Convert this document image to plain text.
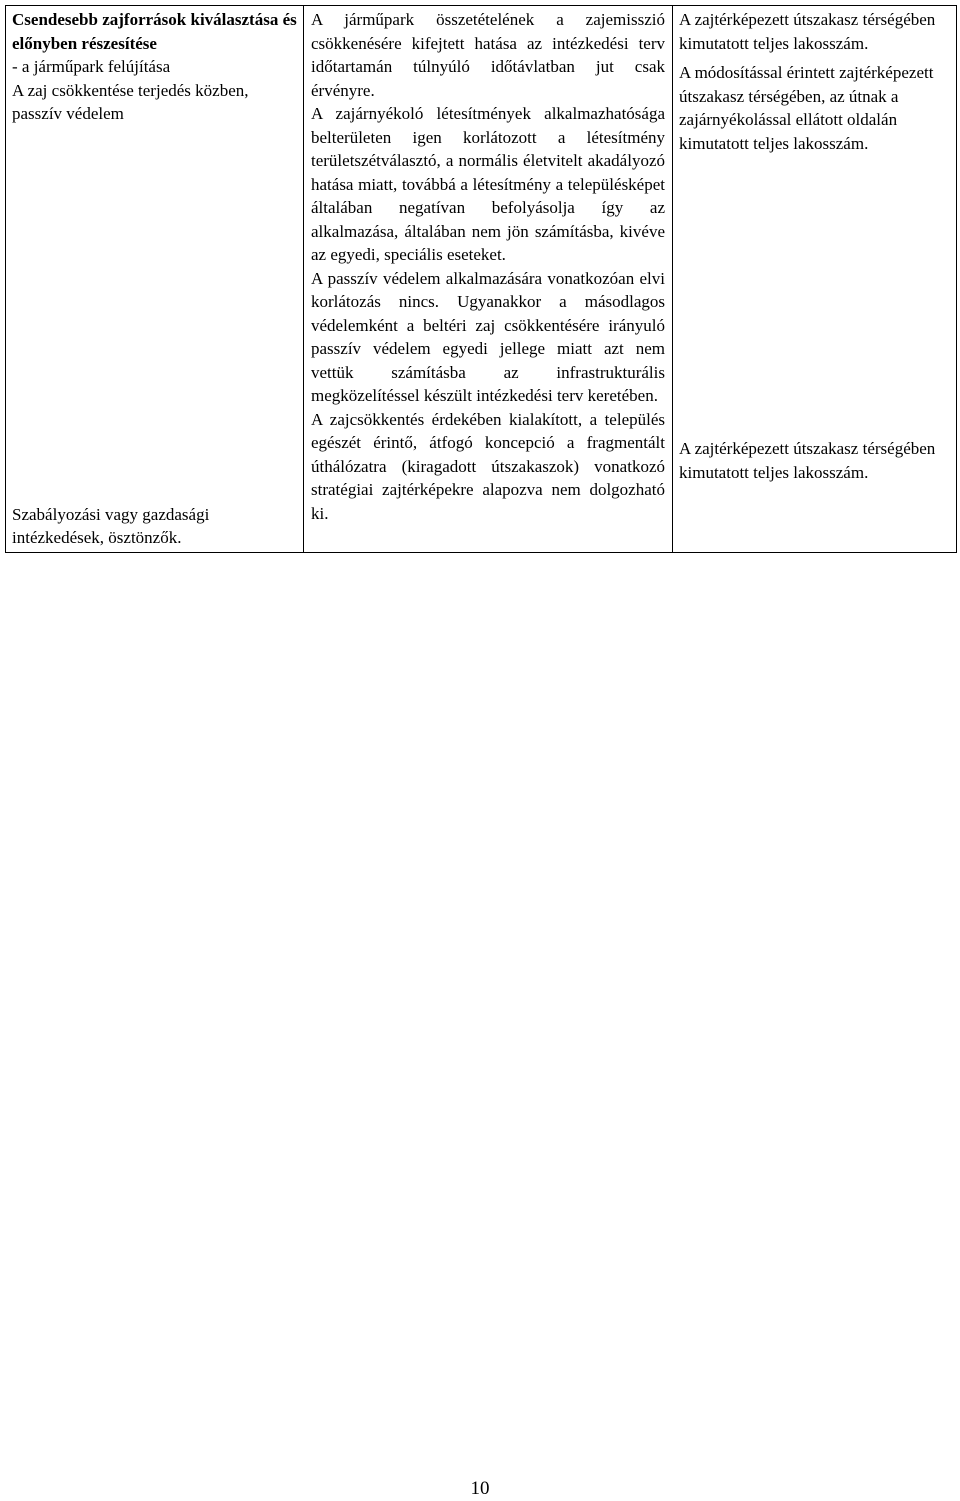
Csendesebb zajforrások kiválasztása és előnyben részesítése
- a járműpark felújítása
A zaj csökkentése terjedés közben, passzív védelem
Szabályozási vagy gazdasági intézkedések, ösztönzők.

A járműpark összetételének a zajemisszió csökkenésére kifejtett hatása az intézkedési terv időtartamán túlnyúló időtávlatban jut csak érvényre.
A zajárnyékoló létesítmények alkalmazhatósága belterületen igen korlátozott a létesítmény területszétválasztó, a normális életvitelt akadályozó hatása miatt, továbbá a létesítmény a településképet általában negatívan befolyásolja így az alkalmazása, általában nem jön számításba, kivéve az egyedi, speciális eseteket.
A passzív védelem alkalmazására vonatkozóan elvi korlátozás nincs. Ugyanakkor a másodlagos védelemként a beltéri zaj csökkentésére irányuló passzív védelem egyedi jellege miatt azt nem vettük számításba az infrastrukturális megközelítéssel készült intézkedési terv keretében.
A zajcsökkentés érdekében kialakított, a település egészét érintő, átfogó koncepció a fragmentált úthálózatra (kiragadott útszakaszok) vonatkozó stratégiai zajtérképekre alapozva nem dolgozható ki.

A zajtérképezett útszakasz térségében kimutatott teljes lakosszám.
A módosítással érintett zajtérképezett útszakasz térségében, az útnak a zajárnyékolással ellátott oldalán kimutatott teljes lakosszám.
A zajtérképezett útszakasz térségében kimutatott teljes lakosszám.
10
